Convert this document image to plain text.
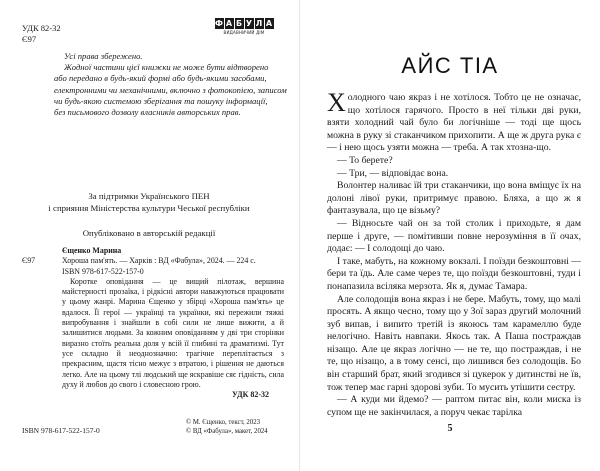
УДК 82-32
Є97
Ф А Б У Л А
ВИДАВНИЧИЙ ДІМ

Усі права збережено.

Жодної частини цієї книжки не може бути відтворено

або передано в будь-який формі або будь-якими засобами,

електронними чи механічними, включно з фотокопією, записом

чи будь-якою системою зберігання та пошуку інформації,

без письмового дозволу власників авторських прав.

За підтримки Українського ПЕН

і сприяння Міністерства культури Чеської республіки

Опубліковано в авторській редакції

Єщенко Марина
Є97	Хороша пам'ять. — Харків : ВД «Фабула», 2024. — 224 с.
ISBN 978-617-522-157-0
Коротке оповідання — це вищий пілотаж, вершина майстерності прозаїка, і рідкісні автори наважуються працювати у цьому жанрі. Марина Єщенко у збірці «Хороша пам'ять» це вдалося. Її герої — українці та українки, які пережили тяжкі випробування і знайшли в собі сили не лише вижити, а й залишитися людьми. За кожним оповіданням у дві три сторінки виразно стоїть реальна доля у всій її глибині та драматизмі. Тут усе складно й неоднозначно: трагічне переплітається з прекрасним, щастя тісно межує з втратою, і рішення не даються легко. Але на цьому тлі людський ще яскравіше сяє гідність, сила духу й любов до свого і словесною грою.
УДК 82-32
ISBN 978-617-522-157-0
© М. Єщенко, текст, 2023
© ВД «Фабула», макет, 2024
АЙС ТІА

Холодного чаю якраз і не хотілося. Тобто це не означає, що хотілося гарячого. Просто в неї тільки дві руки, взяти холодний чай було би логічніше — тоді ще щось можна в руку зі стаканчиком прихопити. А ще ж друга рука є — і нею щось узяти можна — треба. А так хтозна-що.

— То берете?

— Три, — відповідає вона.

Волонтер наливає їй три стаканчики, що вона вміщує їх на долоні лівої руки, притримує правою. Бляха, а що ж я фантазувала, що це візьму?

— Відносьте чай он за той столик і приходьте, я дам перше і друге, — помітивши повне нерозуміння в її очах, додає: — І солодощі до чаю.

І таке, мабуть, на кожному вокзалі. І поїзди безкоштовні — бери та їдь. Але саме через те, що поїзди безкоштовні, туди і понапазила всіляка мерзота. Як я, думає Тамара.

Але солодощів вона якраз і не бере. Мабуть, тому, що малі просять. А якщо чесно, тому що у Зої зараз другий молочний зуб випав, і випито третій із якоюсь там карамеллю буде нелогічно. Навіть навпаки. Якось так. А Паша постраждав нізащо. Але це якраз логічно — не те, що постраждав, і не те, що нізащо, а в тому сенсі, що лишився без солодощів. Бо він старший брат, який згодився зі цукерок у дитинстві не їв, тож тепер має гарні здорові зуби. То мусить утішити сестру.

— А куди ми йдемо? — раптом питає він, коли миска із супом ще не закінчилася, а поруч чекає тарілка

5
